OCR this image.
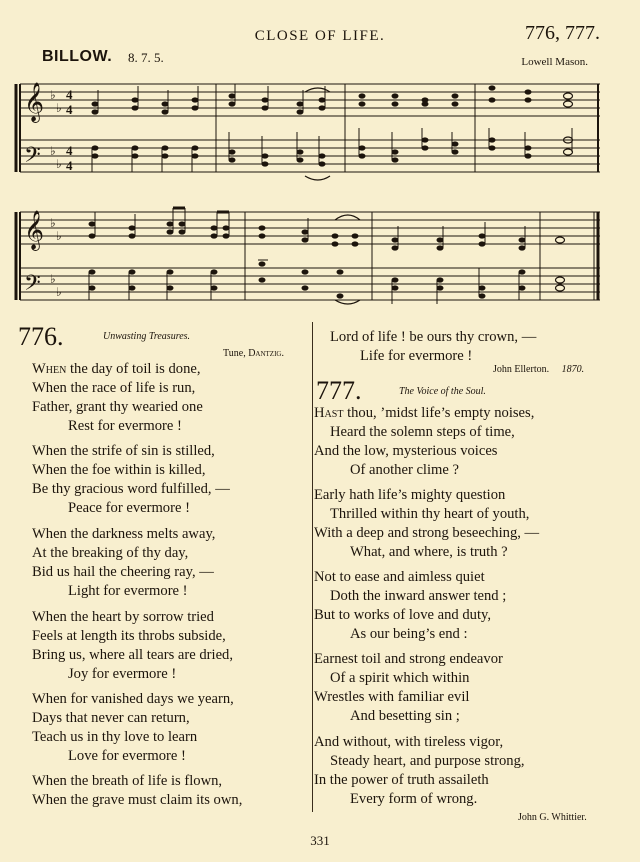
CLOSE OF LIFE.	776, 777.
BILLOW. 8. 7. 5.	Lowell Mason.
𝄞
𝄢
♭
♭
♭
♭
4
4
4
4
𝄞
𝄢
♭
♭
♭
♭
776.	Unwasting Treasures.
Tune, Dantzig.
When the day of toil is done,
When the race of life is run,
Father, grant thy wearied one
Rest for evermore !
When the strife of sin is stilled,
When the foe within is killed,
Be thy gracious word fulfilled, —
Peace for evermore !
When the darkness melts away,
At the breaking of thy day,
Bid us hail the cheering ray, —
Light for evermore !
When the heart by sorrow tried
Feels at length its throbs subside,
Bring us, where all tears are dried,
Joy for evermore !
When for vanished days we yearn,
Days that never can return,
Teach us in thy love to learn
Love for evermore !
When the breath of life is flown,
When the grave must claim its own,
Lord of life ! be ours thy crown, —
Life for evermore !
John Ellerton. 1870.
777.	The Voice of the Soul.
Hast thou, ’midst life’s empty noises,
Heard the solemn steps of time,
And the low, mysterious voices
Of another clime ?
Early hath life’s mighty question
Thrilled within thy heart of youth,
With a deep and strong beseeching, —
What, and where, is truth ?
Not to ease and aimless quiet
Doth the inward answer tend ;
But to works of love and duty,
As our being’s end :
Earnest toil and strong endeavor
Of a spirit which within
Wrestles with familiar evil
And besetting sin ;
And without, with tireless vigor,
Steady heart, and purpose strong,
In the power of truth assaileth
Every form of wrong.
John G. Whittier.
331
